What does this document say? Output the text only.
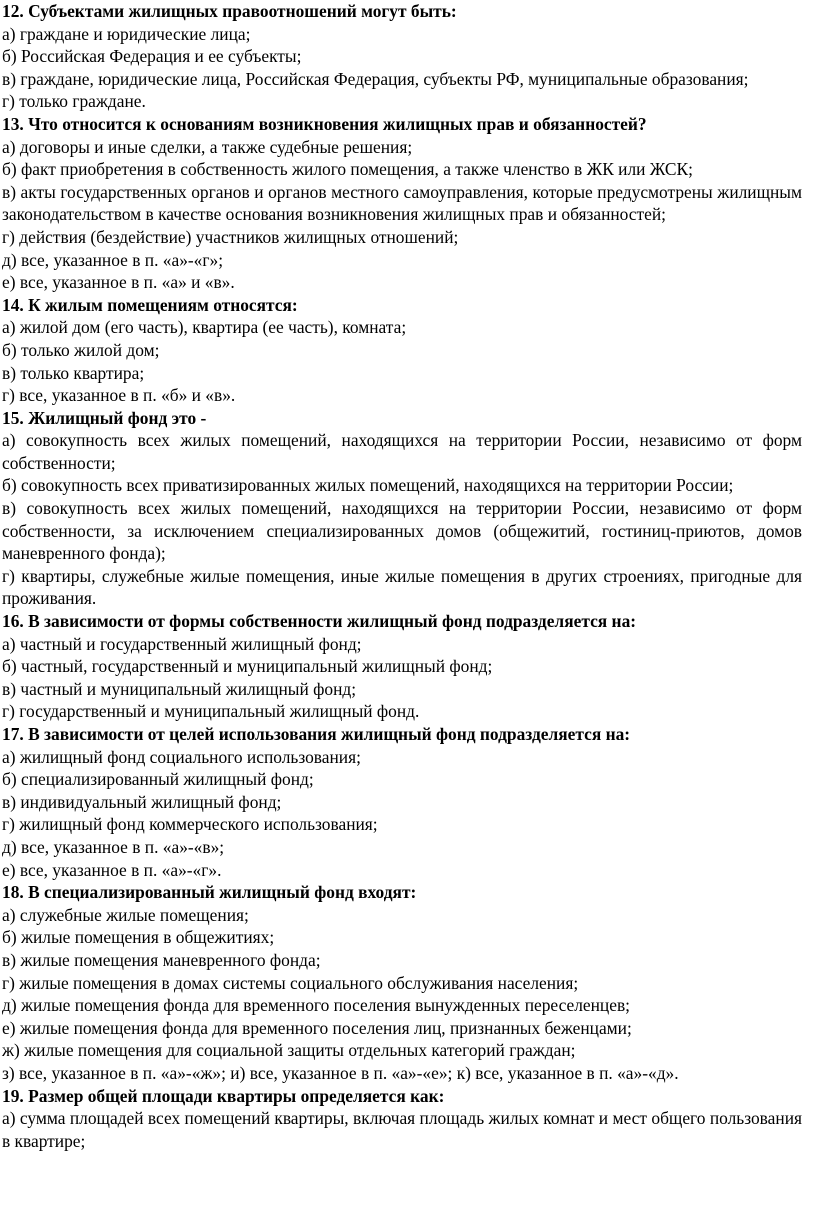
12. Субъектами жилищных правоотношений могут быть:

а) граждане и юридические лица;

б) Российская Федерация и ее субъекты;

в) граждане, юридические лица, Российская Федерация, субъекты РФ, муниципальные образования;

г) только граждане.

13. Что относится к основаниям возникновения жилищных прав и обязанностей?

а) договоры и иные сделки, а также судебные решения;

б) факт приобретения в собственность жилого помещения, а также членство в ЖК или ЖСК;

в) акты государственных органов и органов местного самоуправления, которые предусмотрены жилищным законодательством в качестве основания возникновения жилищных прав и обязанностей;

г) действия (бездействие) участников жилищных отношений;

д) все, указанное в п. «а»-«г»;

е) все, указанное в п. «а» и «в».

14. К жилым помещениям относятся:

а) жилой дом (его часть), квартира (ее часть), комната;

б) только жилой дом;

в) только квартира;

г) все, указанное в п. «б» и «в».

15. Жилищный фонд это -

а) совокупность всех жилых помещений, находящихся на территории России, независимо от форм собственности;

б) совокупность всех приватизированных жилых помещений, находящихся на территории России;

в) совокупность всех жилых помещений, находящихся на территории России, независимо от форм собственности, за исключением специализированных домов (общежитий, гостиниц-приютов, домов маневренного фонда);

г) квартиры, служебные жилые помещения, иные жилые помещения в других строениях, пригодные для проживания.

16. В зависимости от формы собственности жилищный фонд подразделяется на:

а) частный и государственный жилищный фонд;

б) частный, государственный и муниципальный жилищный фонд;

в) частный и муниципальный жилищный фонд;

г) государственный и муниципальный жилищный фонд.

17. В зависимости от целей использования жилищный фонд подразделяется на:

а) жилищный фонд социального использования;

б) специализированный жилищный фонд;

в) индивидуальный жилищный фонд;

г) жилищный фонд коммерческого использования;

д) все, указанное в п. «а»-«в»;

е) все, указанное в п. «а»-«г».

18. В специализированный жилищный фонд входят:

а) служебные жилые помещения;

б) жилые помещения в общежитиях;

в) жилые помещения маневренного фонда;

г) жилые помещения в домах системы социального обслуживания населения;

д) жилые помещения фонда для временного поселения вынужденных переселенцев;

е) жилые помещения фонда для временного поселения лиц, признанных беженцами;

ж) жилые помещения для социальной защиты отдельных категорий граждан;

з) все, указанное в п. «а»-«ж»; и) все, указанное в п. «а»-«е»; к) все, указанное в п. «а»-«д».

19. Размер общей площади квартиры определяется как:

а) сумма площадей всех помещений квартиры, включая площадь жилых комнат и мест общего пользования в квартире;
